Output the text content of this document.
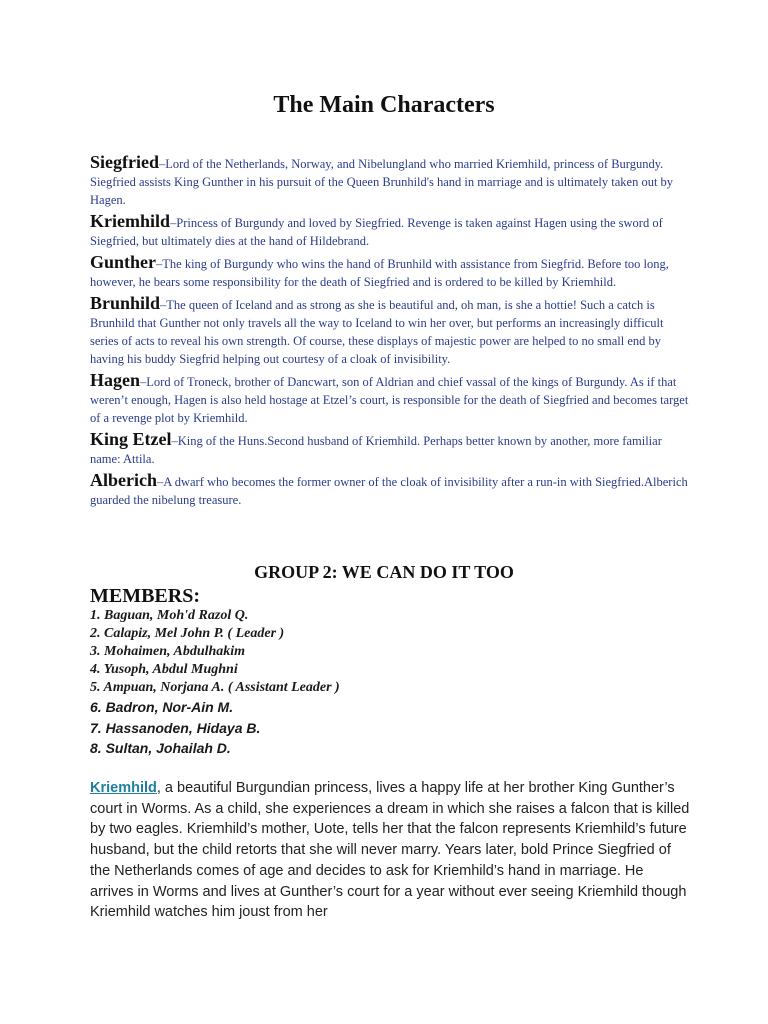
The Main Characters

Siegfried–Lord of the Netherlands, Norway, and Nibelungland who married Kriemhild, princess of Burgundy. Siegfried assists King Gunther in his pursuit of the Queen Brunhild's hand in marriage and is ultimately taken out by Hagen.

Kriemhild–Princess of Burgundy and loved by Siegfried. Revenge is taken against Hagen using the sword of Siegfried, but ultimately dies at the hand of Hildebrand.

Gunther–The king of Burgundy who wins the hand of Brunhild with assistance from Siegfrid. Before too long, however, he bears some responsibility for the death of Siegfried and is ordered to be killed by Kriemhild.

Brunhild–The queen of Iceland and as strong as she is beautiful and, oh man, is she a hottie! Such a catch is Brunhild that Gunther not only travels all the way to Iceland to win her over, but performs an increasingly difficult series of acts to reveal his own strength. Of course, these displays of majestic power are helped to no small end by having his buddy Siegfrid helping out courtesy of a cloak of invisibility.

Hagen–Lord of Troneck, brother of Dancwart, son of Aldrian and chief vassal of the kings of Burgundy. As if that weren’t enough, Hagen is also held hostage at Etzel’s court, is responsible for the death of Siegfried and becomes target of a revenge plot by Kriemhild.

King Etzel–King of the Huns.Second husband of Kriemhild. Perhaps better known by another, more familiar name: Attila.

Alberich–A dwarf who becomes the former owner of the cloak of invisibility after a run-in with Siegfried.Alberich guarded the nibelung treasure.

GROUP 2: WE CAN DO IT TOO
MEMBERS:
1. Baguan, Moh'd Razol Q.
2. Calapiz, Mel John P. ( Leader )
3. Mohaimen, Abdulhakim
4. Yusoph, Abdul Mughni
5. Ampuan, Norjana A. ( Assistant Leader )
6. Badron, Nor-Ain M.
7. Hassanoden, Hidaya B.
8. Sultan, Johailah D.
Kriemhild, a beautiful Burgundian princess, lives a happy life at her brother King Gunther’s court in Worms. As a child, she experiences a dream in which she raises a falcon that is killed by two eagles. Kriemhild’s mother, Uote, tells her that the falcon represents Kriemhild’s future husband, but the child retorts that she will never marry. Years later, bold Prince Siegfried of the Netherlands comes of age and decides to ask for Kriemhild’s hand in marriage. He arrives in Worms and lives at Gunther’s court for a year without ever seeing Kriemhild though Kriemhild watches him joust from her
